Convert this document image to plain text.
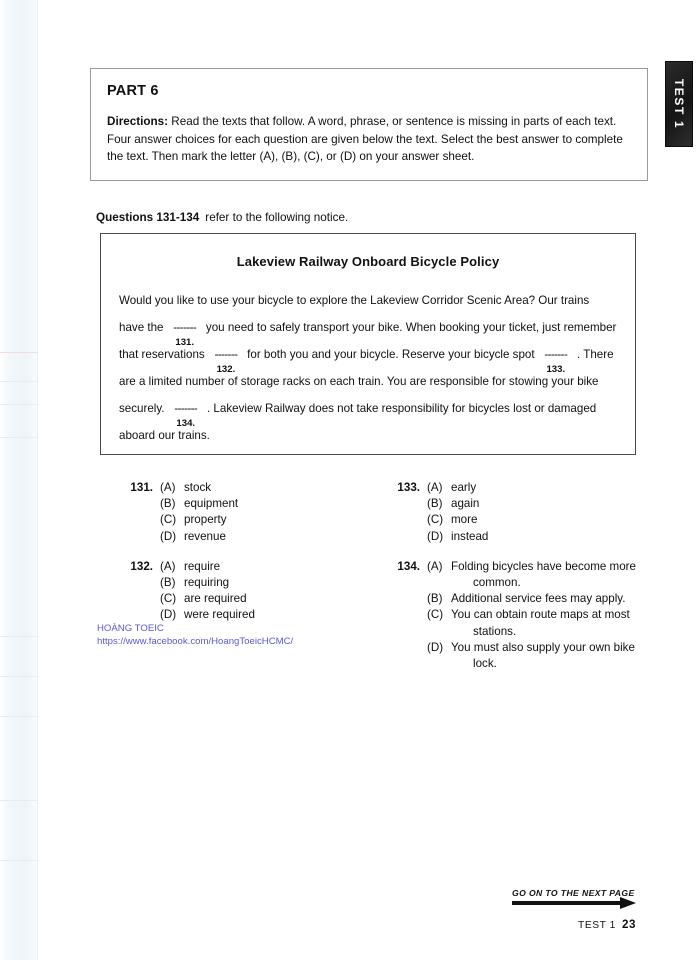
TEST 1
PART 6

Directions: Read the texts that follow. A word, phrase, or sentence is missing in parts of each text. Four answer choices for each question are given below the text. Select the best answer to complete the text. Then mark the letter (A), (B), (C), or (D) on your answer sheet.

Questions 131-134 refer to the following notice.
Lakeview Railway Onboard Bicycle Policy

Would you like to use your bicycle to explore the Lakeview Corridor Scenic Area? Our trains have the -------
131.
you need to safely transport your bike. When booking your ticket, just remember that reservations -------
132.
for both you and your bicycle. Reserve your bicycle spot -------
133.
. There are a limited number of storage racks on each train. You are responsible for stowing your bike securely. -------
134.
. Lakeview Railway does not take responsibility for bicycles lost or damaged aboard our trains.

131. (A) stock
(B) equipment
(C) property
(D) revenue
132. (A) require
(B) requiring
(C) are required
(D) were required
133. (A) early
(B) again
(C) more
(D) instead
134. (A) Folding bicycles have become more
common.
(B) Additional service fees may apply.
(C) You can obtain route maps at most
stations.
(D) You must also supply your own bike
lock.
HOÀNG TOEIC
https://www.facebook.com/HoangToeicHCMC/
GO ON TO THE NEXT PAGE
TEST 1 23
